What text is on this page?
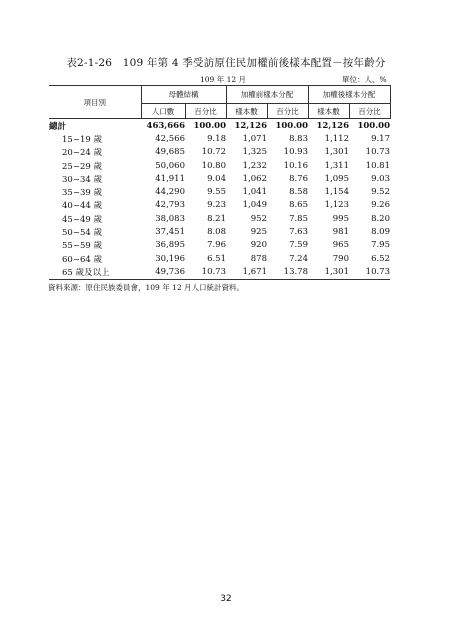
表2-1-26　109 年第 4 季受訪原住民加權前後樣本配置－按年齡分
109 年 12 月	單位：人、%
項目別	母體結構		加權前樣本分配		加權後樣本分配	
	人口數	百分比	樣本數	百分比	樣本數	百分比
總計	463,666	100.00	12,126	100.00	12,126	100.00
15~19 歲	42,566	9.18	1,071	8.83	1,112	9.17
20~24 歲	49,685	10.72	1,325	10.93	1,301	10.73
25~29 歲	50,060	10.80	1,232	10.16	1,311	10.81
30~34 歲	41,911	9.04	1,062	8.76	1,095	9.03
35~39 歲	44,290	9.55	1,041	8.58	1,154	9.52
40~44 歲	42,793	9.23	1,049	8.65	1,123	9.26
45~49 歲	38,083	8.21	952	7.85	995	8.20
50~54 歲	37,451	8.08	925	7.63	981	8.09
55~59 歲	36,895	7.96	920	7.59	965	7.95
60~64 歲	30,196	6.51	878	7.24	790	6.52
65 歲及以上	49,736	10.73	1,671	13.78	1,301	10.73
資料來源：原住民族委員會，109 年 12 月人口統計資料。
32
